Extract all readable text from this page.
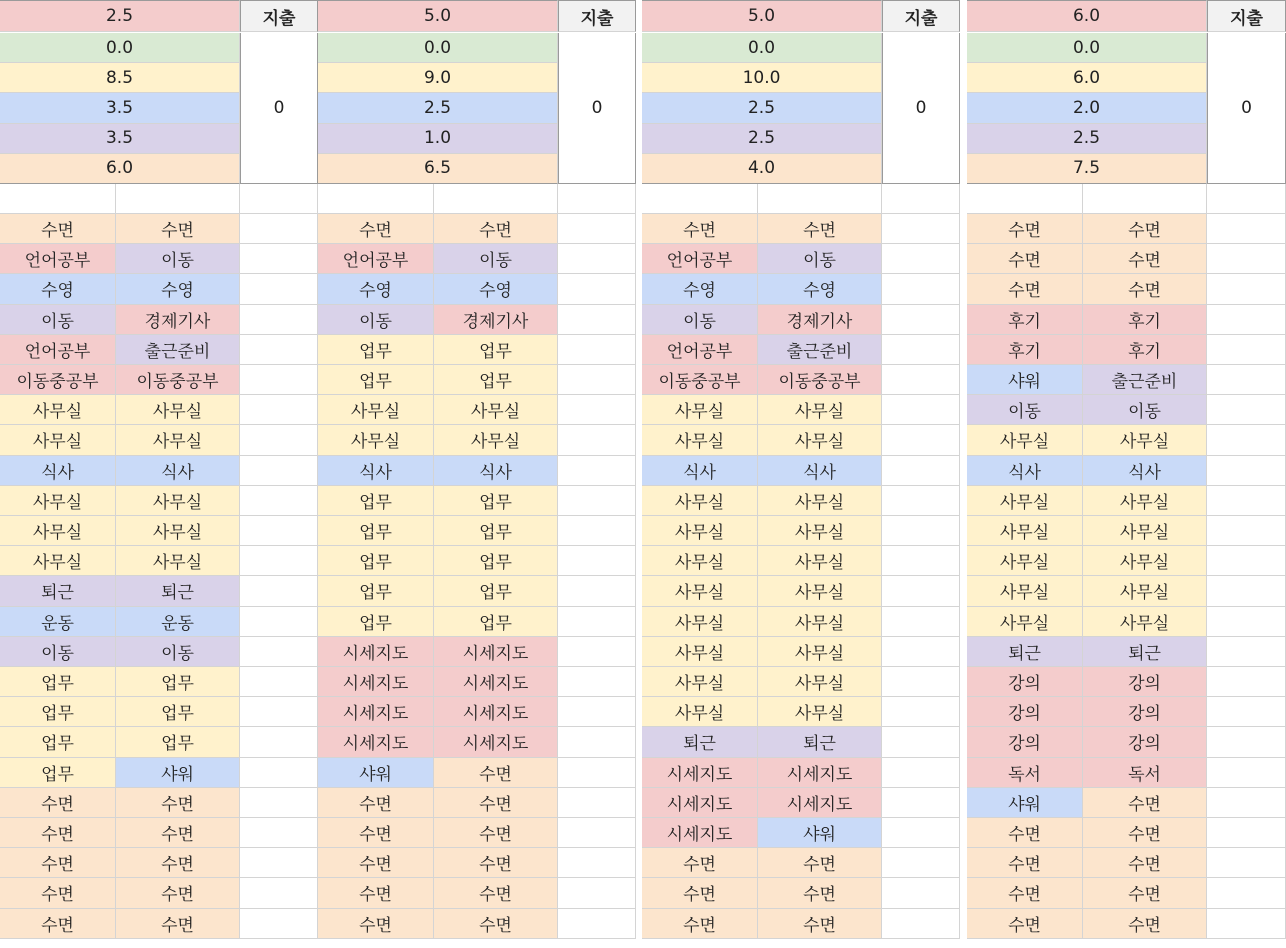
2.5	지출
0.0
8.5
3.5
3.5
6.0
0
수면	수면
언어공부	이동
수영	수영
이동	경제기사
언어공부	출근준비
이동중공부	이동중공부
사무실	사무실
사무실	사무실
식사	식사
사무실	사무실
사무실	사무실
사무실	사무실
퇴근	퇴근
운동	운동
이동	이동
업무	업무
업무	업무
업무	업무
업무	샤워
수면	수면
수면	수면
수면	수면
수면	수면
수면	수면
5.0	지출
0.0
9.0
2.5
1.0
6.5
0
수면	수면
언어공부	이동
수영	수영
이동	경제기사
업무	업무
업무	업무
사무실	사무실
사무실	사무실
식사	식사
업무	업무
업무	업무
업무	업무
업무	업무
업무	업무
시세지도	시세지도
시세지도	시세지도
시세지도	시세지도
시세지도	시세지도
샤워	수면
수면	수면
수면	수면
수면	수면
수면	수면
수면	수면
5.0	지출
0.0
10.0
2.5
2.5
4.0
0
수면	수면
언어공부	이동
수영	수영
이동	경제기사
언어공부	출근준비
이동중공부	이동중공부
사무실	사무실
사무실	사무실
식사	식사
사무실	사무실
사무실	사무실
사무실	사무실
사무실	사무실
사무실	사무실
사무실	사무실
사무실	사무실
사무실	사무실
퇴근	퇴근
시세지도	시세지도
시세지도	시세지도
시세지도	샤워
수면	수면
수면	수면
수면	수면
6.0	지출
0.0
6.0
2.0
2.5
7.5
0
수면	수면
수면	수면
수면	수면
후기	후기
후기	후기
샤워	출근준비
이동	이동
사무실	사무실
식사	식사
사무실	사무실
사무실	사무실
사무실	사무실
사무실	사무실
사무실	사무실
퇴근	퇴근
강의	강의
강의	강의
강의	강의
독서	독서
샤워	수면
수면	수면
수면	수면
수면	수면
수면	수면
